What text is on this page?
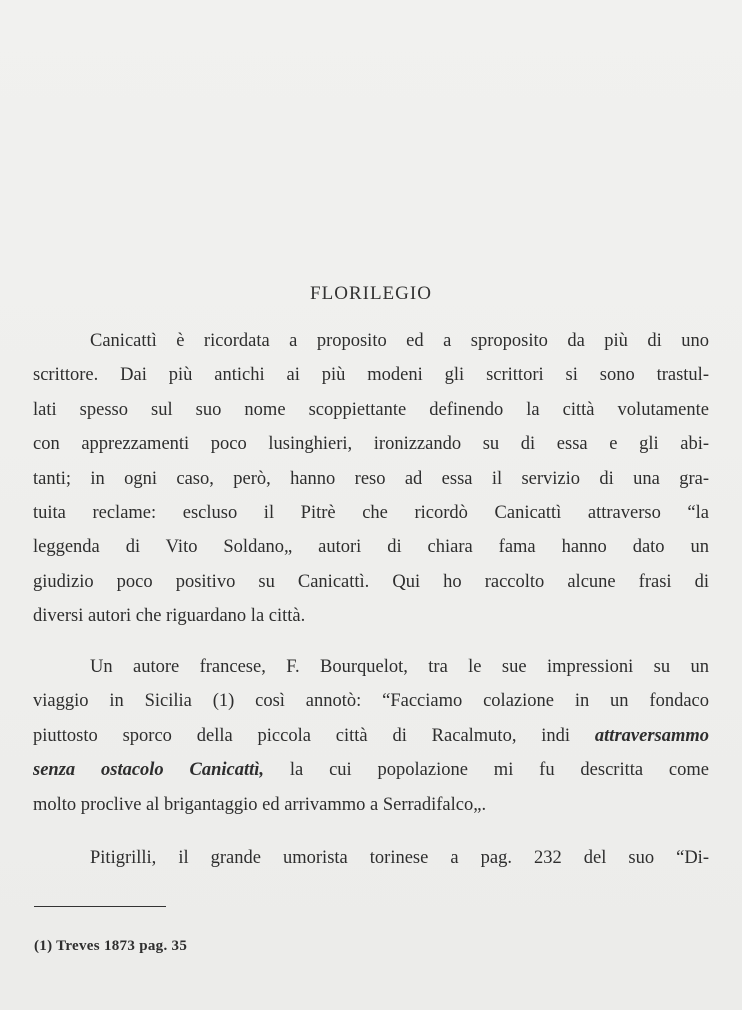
FLORILEGIO
Canicattì è ricordata a proposito ed a sproposito da più di uno
scrittore. Dai più antichi ai più modeni gli scrittori si sono trastul-
lati spesso sul suo nome scoppiettante definendo la città volutamente
con apprezzamenti poco lusinghieri, ironizzando su di essa e gli abi-
tanti; in ogni caso, però, hanno reso ad essa il servizio di una gra-
tuita reclame: escluso il Pitrè che ricordò Canicattì attraverso “la
leggenda di Vito Soldano„ autori di chiara fama hanno dato un
giudizio poco positivo su Canicattì. Qui ho raccolto alcune frasi di
diversi autori che riguardano la città.
Un autore francese, F. Bourquelot, tra le sue impressioni su un
viaggio in Sicilia (1) così annotò: “Facciamo colazione in un fondaco
piuttosto sporco della piccola città di Racalmuto, indi attraversammo
senza ostacolo Canicattì, la cui popolazione mi fu descritta come
molto proclive al brigantaggio ed arrivammo a Serradifalco„.
Pitigrilli, il grande umorista torinese a pag. 232 del suo “Di-
(1) Treves 1873 pag. 35
